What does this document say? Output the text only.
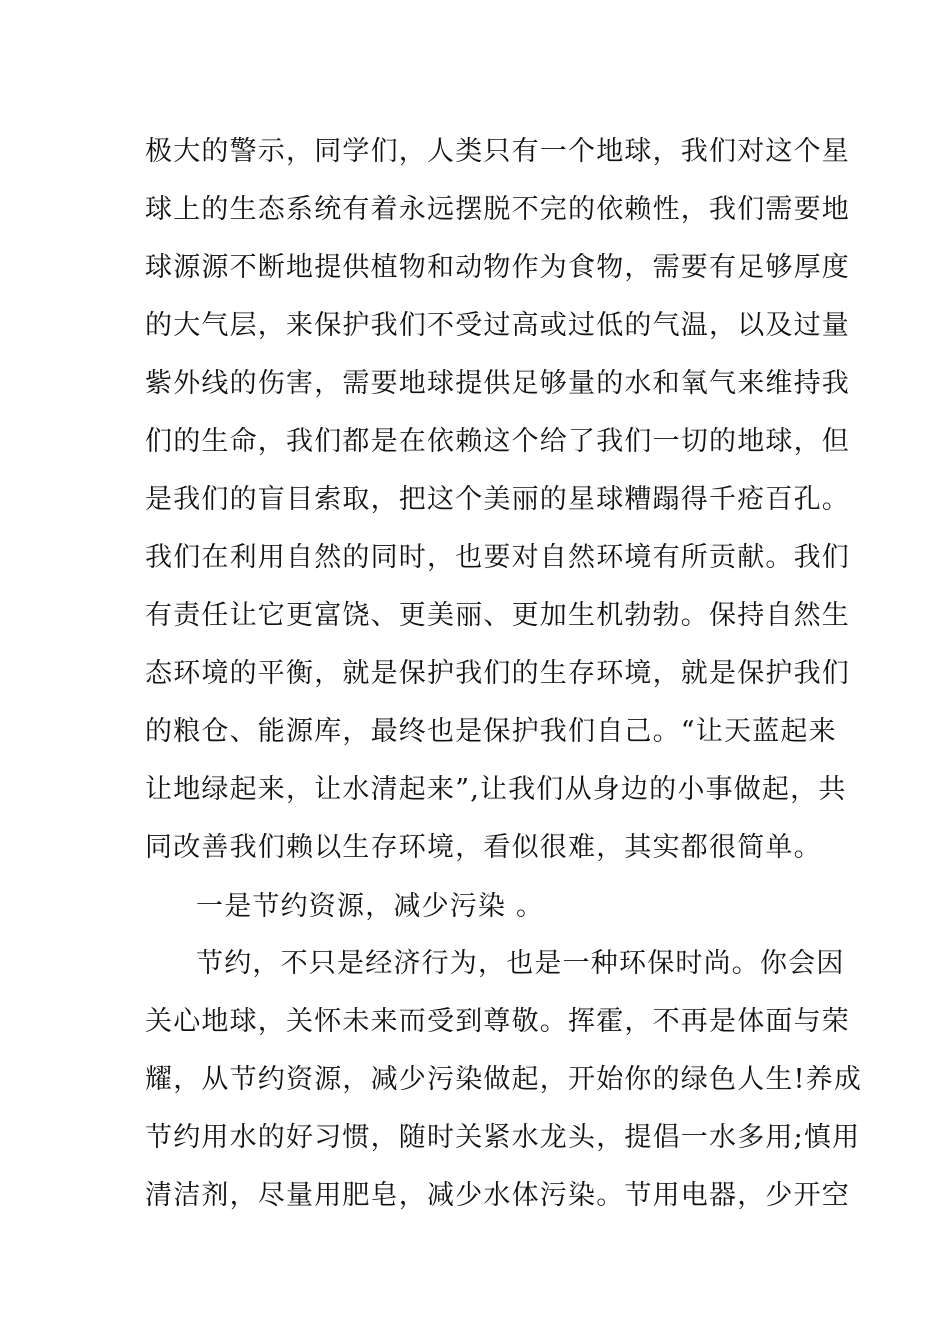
极大的警示，同学们，人类只有一个地球，我们对这个星
球上的生态系统有着永远摆脱不完的依赖性，我们需要地
球源源不断地提供植物和动物作为食物，需要有足够厚度
的大气层，来保护我们不受过高或过低的气温，以及过量
紫外线的伤害，需要地球提供足够量的水和氧气来维持我
们的生命，我们都是在依赖这个给了我们一切的地球，但
是我们的盲目索取，把这个美丽的星球糟蹋得千疮百孔。
我们在利用自然的同时，也要对自然环境有所贡献。我们
有责任让它更富饶、更美丽、更加生机勃勃。保持自然生
态环境的平衡，就是保护我们的生存环境，就是保护我们
的粮仓、能源库，最终也是保护我们自己。“让天蓝起来
让地绿起来，让水清起来”,让我们从身边的小事做起，共
同改善我们赖以生存环境，看似很难，其实都很简单。
一是节约资源，减少污染 。
节约，不只是经济行为，也是一种环保时尚。你会因
关心地球，关怀未来而受到尊敬。挥霍，不再是体面与荣
耀，从节约资源，减少污染做起，开始你的绿色人生!养成
节约用水的好习惯，随时关紧水龙头，提倡一水多用;慎用
清洁剂，尽量用肥皂，减少水体污染。节用电器，少开空
